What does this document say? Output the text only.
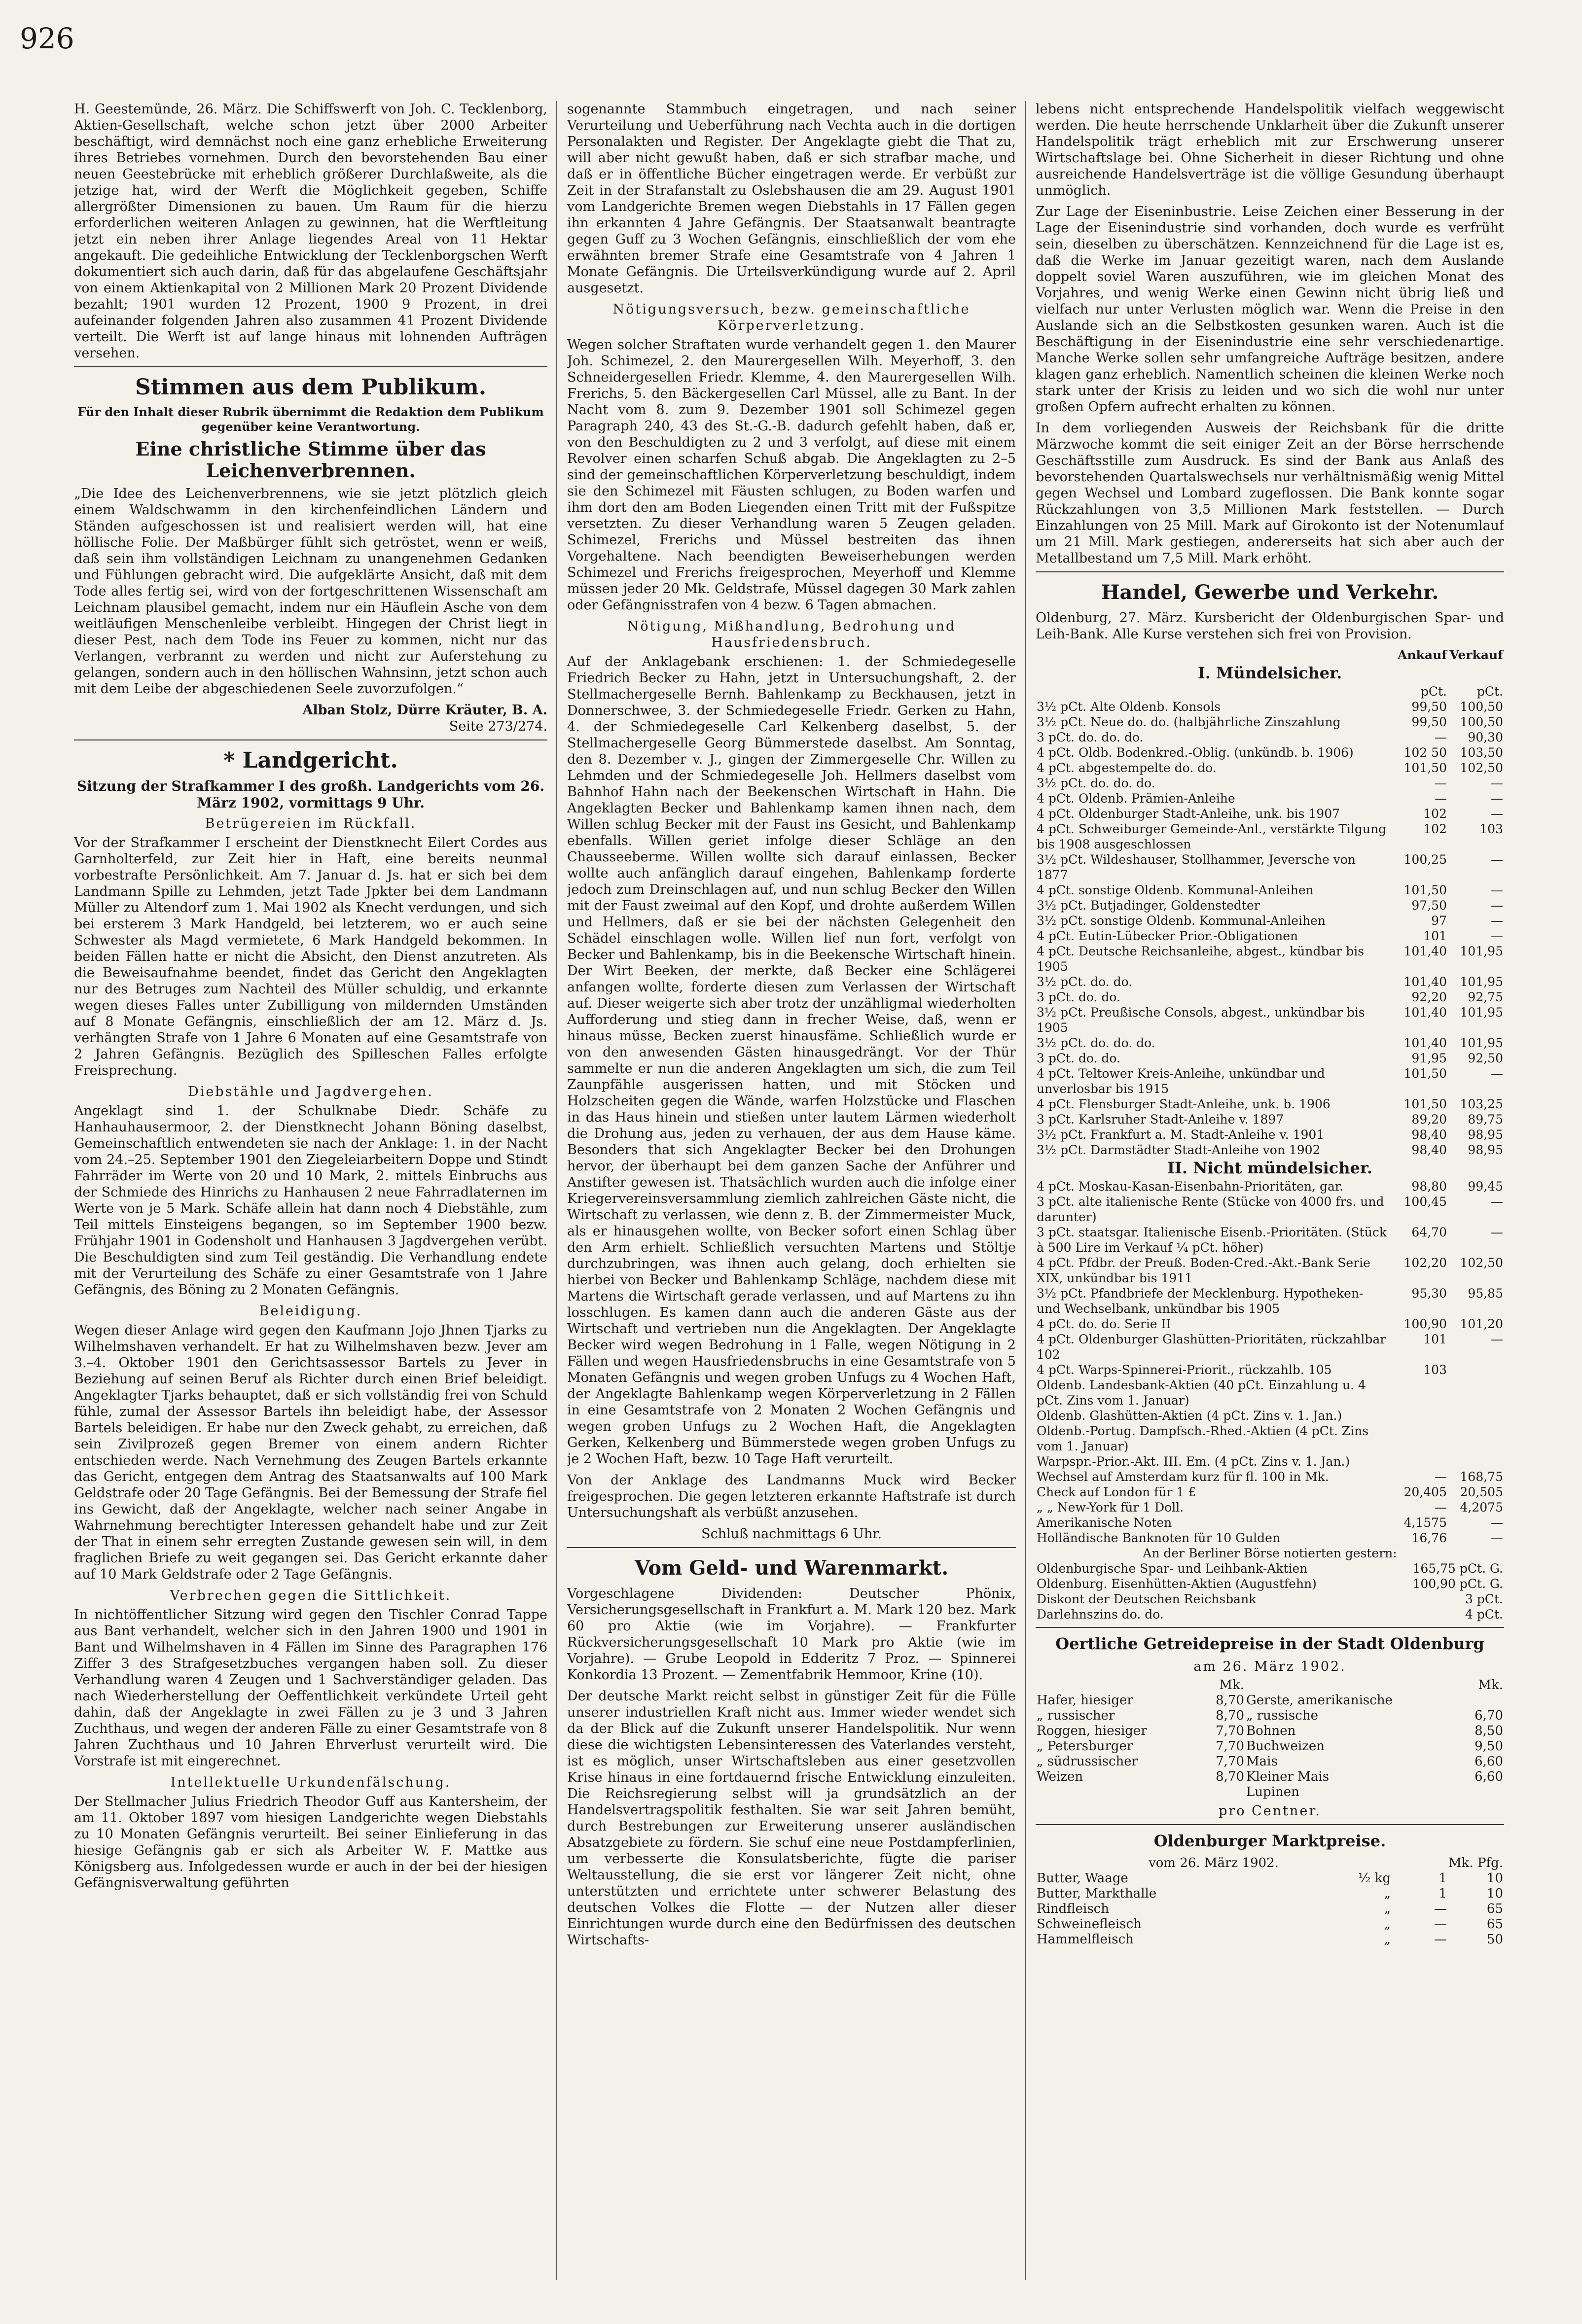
926

H. Geestemünde, 26. März. Die Schiffswerft von Joh. C. Tecklenborg, Aktien-Gesellschaft, welche schon jetzt über 2000 Arbeiter beschäftigt, wird demnächst noch eine ganz erhebliche Erweiterung ihres Betriebes vornehmen. Durch den bevorstehenden Bau einer neuen Geestebrücke mit erheblich größerer Durchlaßweite, als die jetzige hat, wird der Werft die Möglichkeit gegeben, Schiffe allergrößter Dimensionen zu bauen. Um Raum für die hierzu erforderlichen weiteren Anlagen zu gewinnen, hat die Werftleitung jetzt ein neben ihrer Anlage liegendes Areal von 11 Hektar angekauft. Die gedeihliche Entwicklung der Tecklenborgschen Werft dokumentiert sich auch darin, daß für das abgelaufene Geschäftsjahr von einem Aktienkapital von 2 Millionen Mark 20 Prozent Dividende bezahlt; 1901 wurden 12 Prozent, 1900 9 Prozent, in drei aufeinander folgenden Jahren also zusammen 41 Prozent Dividende verteilt. Die Werft ist auf lange hinaus mit lohnenden Aufträgen versehen.

Stimmen aus dem Publikum.
Für den Inhalt dieser Rubrik übernimmt die Redaktion dem Publikum gegenüber keine Verantwortung.
Eine christliche Stimme über das Leichenverbrennen.

„Die Idee des Leichenverbrennens, wie sie jetzt plötzlich gleich einem Waldschwamm in den kirchenfeindlichen Ländern und Ständen aufgeschossen ist und realisiert werden will, hat eine höllische Folie. Der Maßbürger fühlt sich getröstet, wenn er weiß, daß sein ihm vollständigen Leichnam zu unangenehmen Gedanken und Fühlungen gebracht wird. Die aufgeklärte Ansicht, daß mit dem Tode alles fertig sei, wird von der fortgeschrittenen Wissenschaft am Leichnam plausibel gemacht, indem nur ein Häuflein Asche von dem weitläufigen Menschenleibe verbleibt. Hingegen der Christ liegt in dieser Pest, nach dem Tode ins Feuer zu kommen, nicht nur das Verlangen, verbrannt zu werden und nicht zur Auferstehung zu gelangen, sondern auch in den höllischen Wahnsinn, jetzt schon auch mit dem Leibe der abgeschiedenen Seele zuvorzufolgen.“

Alban Stolz, Dürre Kräuter, B. A.

Seite 273/274.

* Landgericht.
Sitzung der Strafkammer I des großh. Landgerichts vom 26. März 1902, vormittags 9 Uhr.
Betrügereien im Rückfall.

Vor der Strafkammer I erscheint der Dienstknecht Eilert Cordes aus Garnholterfeld, zur Zeit hier in Haft, eine bereits neunmal vorbestrafte Persönlichkeit. Am 7. Januar d. Js. hat er sich bei dem Landmann Spille zu Lehmden, jetzt Tade Jpkter bei dem Landmann Müller zu Altendorf zum 1. Mai 1902 als Knecht verdungen, und sich bei ersterem 3 Mark Handgeld, bei letzterem, wo er auch seine Schwester als Magd vermietete, 6 Mark Handgeld bekommen. In beiden Fällen hatte er nicht die Absicht, den Dienst anzutreten. Als die Beweisaufnahme beendet, findet das Gericht den Angeklagten nur des Betruges zum Nachteil des Müller schuldig, und erkannte wegen dieses Falles unter Zubilligung von mildernden Umständen auf 8 Monate Gefängnis, einschließlich der am 12. März d. Js. verhängten Strafe von 1 Jahre 6 Monaten auf eine Gesamtstrafe von 2 Jahren Gefängnis. Bezüglich des Spilleschen Falles erfolgte Freisprechung.

Diebstähle und Jagdvergehen.

Angeklagt sind 1. der Schulknabe Diedr. Schäfe zu Hanhauhausermoor, 2. der Dienstknecht Johann Böning daselbst, Gemeinschaftlich entwendeten sie nach der Anklage: 1. in der Nacht vom 24.–25. September 1901 den Ziegeleiarbeitern Doppe und Stindt Fahrräder im Werte von 20 und 10 Mark, 2. mittels Einbruchs aus der Schmiede des Hinrichs zu Hanhausen 2 neue Fahrradlaternen im Werte von je 5 Mark. Schäfe allein hat dann noch 4 Diebstähle, zum Teil mittels Einsteigens begangen, so im September 1900 bezw. Frühjahr 1901 in Godensholt und Hanhausen 3 Jagdvergehen verübt. Die Beschuldigten sind zum Teil geständig. Die Verhandlung endete mit der Verurteilung des Schäfe zu einer Gesamtstrafe von 1 Jahre Gefängnis, des Böning zu 2 Monaten Gefängnis.

Beleidigung.

Wegen dieser Anlage wird gegen den Kaufmann Jojo Jhnen Tjarks zu Wilhelmshaven verhandelt. Er hat zu Wilhelmshaven bezw. Jever am 3.–4. Oktober 1901 den Gerichtsassessor Bartels zu Jever in Beziehung auf seinen Beruf als Richter durch einen Brief beleidigt. Angeklagter Tjarks behauptet, daß er sich vollständig frei von Schuld fühle, zumal der Assessor Bartels ihn beleidigt habe, der Assessor Bartels beleidigen. Er habe nur den Zweck gehabt, zu erreichen, daß sein Zivilprozeß gegen Bremer von einem andern Richter entschieden werde. Nach Vernehmung des Zeugen Bartels erkannte das Gericht, entgegen dem Antrag des Staatsanwalts auf 100 Mark Geldstrafe oder 20 Tage Gefängnis. Bei der Bemessung der Strafe fiel ins Gewicht, daß der Angeklagte, welcher nach seiner Angabe in Wahrnehmung berechtigter Interessen gehandelt habe und zur Zeit der That in einem sehr erregten Zustande gewesen sein will, in dem fraglichen Briefe zu weit gegangen sei. Das Gericht erkannte daher auf 10 Mark Geldstrafe oder 2 Tage Gefängnis.

Verbrechen gegen die Sittlichkeit.

In nichtöffentlicher Sitzung wird gegen den Tischler Conrad Tappe aus Bant verhandelt, welcher sich in den Jahren 1900 und 1901 in Bant und Wilhelmshaven in 4 Fällen im Sinne des Paragraphen 176 Ziffer 3 des Strafgesetzbuches vergangen haben soll. Zu dieser Verhandlung waren 4 Zeugen und 1 Sachverständiger geladen. Das nach Wiederherstellung der Oeffentlichkeit verkündete Urteil geht dahin, daß der Angeklagte in zwei Fällen zu je 3 und 3 Jahren Zuchthaus, und wegen der anderen Fälle zu einer Gesamtstrafe von 8 Jahren Zuchthaus und 10 Jahren Ehrverlust verurteilt wird. Die Vorstrafe ist mit eingerechnet.

Intellektuelle Urkundenfälschung.

Der Stellmacher Julius Friedrich Theodor Guff aus Kantersheim, der am 11. Oktober 1897 vom hiesigen Landgerichte wegen Diebstahls zu 10 Monaten Gefängnis verurteilt. Bei seiner Einlieferung in das hiesige Gefängnis gab er sich als Arbeiter W. F. Mattke aus Königsberg aus. Infolgedessen wurde er auch in der bei der hiesigen Gefängnisverwaltung geführten

sogenannte Stammbuch eingetragen, und nach seiner Verurteilung und Ueberführung nach Vechta auch in die dortigen Personalakten und Register. Der Angeklagte giebt die That zu, will aber nicht gewußt haben, daß er sich strafbar mache, und daß er in öffentliche Bücher eingetragen werde. Er verbüßt zur Zeit in der Strafanstalt zu Oslebshausen die am 29. August 1901 vom Landgerichte Bremen wegen Diebstahls in 17 Fällen gegen ihn erkannten 4 Jahre Gefängnis. Der Staatsanwalt beantragte gegen Guff zu 3 Wochen Gefängnis, einschließlich der vom ehe erwähnten bremer Strafe eine Gesamtstrafe von 4 Jahren 1 Monate Gefängnis. Die Urteilsverkündigung wurde auf 2. April ausgesetzt.

Nötigungsversuch, bezw. gemeinschaftliche Körperverletzung.

Wegen solcher Straftaten wurde verhandelt gegen 1. den Maurer Joh. Schimezel, 2. den Maurergesellen Wilh. Meyerhoff, 3. den Schneidergesellen Friedr. Klemme, 4. den Maurergesellen Wilh. Frerichs, 5. den Bäckergesellen Carl Müssel, alle zu Bant. In der Nacht vom 8. zum 9. Dezember 1901 soll Schimezel gegen Paragraph 240, 43 des St.-G.-B. dadurch gefehlt haben, daß er, von den Beschuldigten zu 2 und 3 verfolgt, auf diese mit einem Revolver einen scharfen Schuß abgab. Die Angeklagten zu 2–5 sind der gemeinschaftlichen Körperverletzung beschuldigt, indem sie den Schimezel mit Fäusten schlugen, zu Boden warfen und ihm dort den am Boden Liegenden einen Tritt mit der Fußspitze versetzten. Zu dieser Verhandlung waren 5 Zeugen geladen. Schimezel, Frerichs und Müssel bestreiten das ihnen Vorgehaltene. Nach beendigten Beweiserhebungen werden Schimezel und Frerichs freigesprochen, Meyerhoff und Klemme müssen jeder 20 Mk. Geldstrafe, Müssel dagegen 30 Mark zahlen oder Gefängnisstrafen von 4 bezw. 6 Tagen abmachen.

Nötigung, Mißhandlung, Bedrohung und Hausfriedensbruch.

Auf der Anklagebank erschienen: 1. der Schmiedegeselle Friedrich Becker zu Hahn, jetzt in Untersuchungshaft, 2. der Stellmachergeselle Bernh. Bahlenkamp zu Beckhausen, jetzt in Donnerschwee, 3. der Schmiedegeselle Friedr. Gerken zu Hahn, 4. der Schmiedegeselle Carl Kelkenberg daselbst, 5. der Stellmachergeselle Georg Bümmerstede daselbst. Am Sonntag, den 8. Dezember v. J., gingen der Zimmergeselle Chr. Willen zu Lehmden und der Schmiedegeselle Joh. Hellmers daselbst vom Bahnhof Hahn nach der Beekenschen Wirtschaft in Hahn. Die Angeklagten Becker und Bahlenkamp kamen ihnen nach, dem Willen schlug Becker mit der Faust ins Gesicht, und Bahlenkamp ebenfalls. Willen geriet infolge dieser Schläge an den Chausseeberme. Willen wollte sich darauf einlassen, Becker wollte auch anfänglich darauf eingehen, Bahlenkamp forderte jedoch zum Dreinschlagen auf, und nun schlug Becker den Willen mit der Faust zweimal auf den Kopf, und drohte außerdem Willen und Hellmers, daß er sie bei der nächsten Gelegenheit den Schädel einschlagen wolle. Willen lief nun fort, verfolgt von Becker und Bahlenkamp, bis in die Beekensche Wirtschaft hinein. Der Wirt Beeken, der merkte, daß Becker eine Schlägerei anfangen wollte, forderte diesen zum Verlassen der Wirtschaft auf. Dieser weigerte sich aber trotz der unzähligmal wiederholten Aufforderung und stieg dann in frecher Weise, daß, wenn er hinaus müsse, Becken zuerst hinausfäme. Schließlich wurde er von den anwesenden Gästen hinausgedrängt. Vor der Thür sammelte er nun die anderen Angeklagten um sich, die zum Teil Zaunpfähle ausgerissen hatten, und mit Stöcken und Holzscheiten gegen die Wände, warfen Holzstücke und Flaschen in das Haus hinein und stießen unter lautem Lärmen wiederholt die Drohung aus, jeden zu verhauen, der aus dem Hause käme. Besonders that sich Angeklagter Becker bei den Drohungen hervor, der überhaupt bei dem ganzen Sache der Anführer und Anstifter gewesen ist. Thatsächlich wurden auch die infolge einer Kriegervereinsversammlung ziemlich zahlreichen Gäste nicht, die Wirtschaft zu verlassen, wie denn z. B. der Zimmermeister Muck, als er hinausgehen wollte, von Becker sofort einen Schlag über den Arm erhielt. Schließlich versuchten Martens und Stöltje durchzubringen, was ihnen auch gelang, doch erhielten sie hierbei von Becker und Bahlenkamp Schläge, nachdem diese mit Martens die Wirtschaft gerade verlassen, und auf Martens zu ihn losschlugen. Es kamen dann auch die anderen Gäste aus der Wirtschaft und vertrieben nun die Angeklagten. Der Angeklagte Becker wird wegen Bedrohung in 1 Falle, wegen Nötigung in 2 Fällen und wegen Hausfriedensbruchs in eine Gesamtstrafe von 5 Monaten Gefängnis und wegen groben Unfugs zu 4 Wochen Haft, der Angeklagte Bahlenkamp wegen Körperverletzung in 2 Fällen in eine Gesamtstrafe von 2 Monaten 2 Wochen Gefängnis und wegen groben Unfugs zu 2 Wochen Haft, die Angeklagten Gerken, Kelkenberg und Bümmerstede wegen groben Unfugs zu je 2 Wochen Haft, bezw. 10 Tage Haft verurteilt.

Von der Anklage des Landmanns Muck wird Becker freigesprochen. Die gegen letzteren erkannte Haftstrafe ist durch Untersuchungshaft als verbüßt anzusehen.

Schluß nachmittags 6 Uhr.

Vom Geld- und Warenmarkt.

Vorgeschlagene Dividenden: Deutscher Phönix, Versicherungsgesellschaft in Frankfurt a. M. Mark 120 bez. Mark 60 pro Aktie (wie im Vorjahre). — Frankfurter Rückversicherungsgesellschaft 10 Mark pro Aktie (wie im Vorjahre). — Grube Leopold in Edderitz 7 Proz. — Spinnerei Konkordia 13 Prozent. — Zementfabrik Hemmoor, Krine (10).

Der deutsche Markt reicht selbst in günstiger Zeit für die Fülle unserer industriellen Kraft nicht aus. Immer wieder wendet sich da der Blick auf die Zukunft unserer Handelspolitik. Nur wenn diese die wichtigsten Lebensinteressen des Vaterlandes versteht, ist es möglich, unser Wirtschaftsleben aus einer gesetzvollen Krise hinaus in eine fortdauernd frische Entwicklung einzuleiten. Die Reichsregierung selbst will ja grundsätzlich an der Handelsvertragspolitik festhalten. Sie war seit Jahren bemüht, durch Bestrebungen zur Erweiterung unserer ausländischen Absatzgebiete zu fördern. Sie schuf eine neue Postdampferlinien, um verbesserte die Konsulatsberichte, fügte die pariser Weltausstellung, die sie erst vor längerer Zeit nicht, ohne unterstützten und errichtete unter schwerer Belastung des deutschen Volkes die Flotte — der Nutzen aller dieser Einrichtungen wurde durch eine den Bedürfnissen des deutschen Wirtschafts-

lebens nicht entsprechende Handelspolitik vielfach weggewischt werden. Die heute herrschende Unklarheit über die Zukunft unserer Handelspolitik trägt erheblich mit zur Erschwerung unserer Wirtschaftslage bei. Ohne Sicherheit in dieser Richtung und ohne ausreichende Handelsverträge ist die völlige Gesundung überhaupt unmöglich.

Zur Lage der Eiseninbustrie. Leise Zeichen einer Besserung in der Lage der Eisenindustrie sind vorhanden, doch wurde es verfrüht sein, dieselben zu überschätzen. Kennzeichnend für die Lage ist es, daß die Werke im Januar gezeitigt waren, nach dem Auslande doppelt soviel Waren auszuführen, wie im gleichen Monat des Vorjahres, und wenig Werke einen Gewinn nicht übrig ließ und vielfach nur unter Verlusten möglich war. Wenn die Preise in den Auslande sich an die Selbstkosten gesunken waren. Auch ist die Beschäftigung in der Eisenindustrie eine sehr verschiedenartige. Manche Werke sollen sehr umfangreiche Aufträge besitzen, andere klagen ganz erheblich. Namentlich scheinen die kleinen Werke noch stark unter der Krisis zu leiden und wo sich die wohl nur unter großen Opfern aufrecht erhalten zu können.

In dem vorliegenden Ausweis der Reichsbank für die dritte Märzwoche kommt die seit einiger Zeit an der Börse herrschende Geschäftsstille zum Ausdruck. Es sind der Bank aus Anlaß des bevorstehenden Quartalswechsels nur verhältnismäßig wenig Mittel gegen Wechsel und Lombard zugeflossen. Die Bank konnte sogar Rückzahlungen von 3,5 Millionen Mark feststellen. — Durch Einzahlungen von 25 Mill. Mark auf Girokonto ist der Notenumlauf um 21 Mill. Mark gestiegen, andererseits hat sich aber auch der Metallbestand um 7,5 Mill. Mark erhöht.

Handel, Gewerbe und Verkehr.

Oldenburg, 27. März. Kursbericht der Oldenburgischen Spar- und Leih-Bank. Alle Kurse verstehen sich frei von Provision.

	Ankauf	Verkauf
I. Mündelsicher.		
	pCt.	pCt.
3½ pCt. Alte Oldenb. Konsols	99,50	100,50
3½ pCt. Neue do. do. (halbjährliche Zinszahlung	99,50	100,50
3 pCt. do. do. do.	—	90,30
4 pCt. Oldb. Bodenkred.-Oblig. (unkündb. b. 1906)	102 50	103,50
4 pCt. abgestempelte do. do.	101,50	102,50
3½ pCt. do. do. do.	—	—
4 pCt. Oldenb. Prämien-Anleihe	—	—
4 pCt. Oldenburger Stadt-Anleihe, unk. bis 1907	102	—
4 pCt. Schweiburger Gemeinde-Anl., verstärkte Tilgung bis 1908 ausgeschlossen	102	103
3½ pCt. Wildeshauser, Stollhammer, Jeversche von 1877	100,25	—
4 pCt. sonstige Oldenb. Kommunal-Anleihen	101,50	—
3½ pCt. Butjadinger, Goldenstedter	97,50	—
3½ pCt. sonstige Oldenb. Kommunal-Anleihen	97	—
4 pCt. Eutin-Lübecker Prior.-Obligationen	101	—
4 pCt. Deutsche Reichsanleihe, abgest., kündbar bis 1905	101,40	101,95
3½ pCt. do. do.	101,40	101,95
3 pCt. do. do.	92,20	92,75
3½ pCt. Preußische Consols, abgest., unkündbar bis 1905	101,40	101,95
3½ pCt. do. do. do.	101,40	101,95
3 pCt. do. do.	91,95	92,50
4 pCt. Teltower Kreis-Anleihe, unkündbar und unverlosbar bis 1915	101,50	—
4 pCt. Flensburger Stadt-Anleihe, unk. b. 1906	101,50	103,25
3 pCt. Karlsruher Stadt-Anleihe v. 1897	89,20	89,75
3½ pCt. Frankfurt a. M. Stadt-Anleihe v. 1901	98,40	98,95
3½ pCt. Darmstädter Stadt-Anleihe von 1902	98,40	98,95
II. Nicht mündelsicher.		
4 pCt. Moskau-Kasan-Eisenbahn-Prioritäten, gar.	98,80	99,45
3 pCt. alte italienische Rente (Stücke von 4000 frs. und darunter)	100,45	—
3 pCt. staatsgar. Italienische Eisenb.-Prioritäten. (Stück à 500 Lire im Verkauf ¼ pCt. höher)	64,70	—
4 pCt. Pfdbr. der Preuß. Boden-Cred.-Akt.-Bank Serie XIX, unkündbar bis 1911	102,20	102,50
3½ pCt. Pfandbriefe der Mecklenburg. Hypotheken- und Wechselbank, unkündbar bis 1905	95,30	95,85
4 pCt. do. do. Serie II	100,90	101,20
4 pCt. Oldenburger Glashütten-Prioritäten, rückzahlbar 102	101	—
4 pCt. Warps-Spinnerei-Priorit., rückzahlb. 105	103	
Oldenb. Landesbank-Aktien (40 pCt. Einzahlung u. 4 pCt. Zins vom 1. Januar)		
Oldenb. Glashütten-Aktien (4 pCt. Zins v. 1. Jan.)		
Oldenb.-Portug. Dampfsch.-Rhed.-Aktien (4 pCt. Zins vom 1. Januar)		
Warpspr.-Prior.-Akt. III. Em. (4 pCt. Zins v. 1. Jan.)		
Wechsel auf Amsterdam kurz für fl. 100 in Mk.	—	168,75
Check auf London für 1 £	20,405	20,505
„ „ New-York für 1 Doll.	—	4,2075
Amerikanische Noten	4,1575	—
Holländische Banknoten für 10 Gulden	16,76	—
An der Berliner Börse notierten gestern:		
Oldenburgische Spar- und Leihbank-Aktien	165,75 pCt. G.	
Oldenburg. Eisenhütten-Aktien (Augustfehn)	100,90 pCt. G.	
Diskont der Deutschen Reichsbank	3 pCt.	
Darlehnszins do. do.	4 pCt.	
Oertliche Getreidepreise in der Stadt Oldenburg
am 26. März 1902.
	Mk.		Mk.
Hafer, hiesiger	8,70	Gerste, amerikanische	
„ russischer	8,70	„ russische	6,70
Roggen, hiesiger	7,70	Bohnen	8,50
„ Petersburger	7,70	Buchweizen	9,50
„ südrussischer	7,70	Mais	6,60
Weizen	8,70	Kleiner Mais	6,60
		Lupinen	
pro Centner.
Oldenburger Marktpreise.
vom 26. März 1902.		Mk. Pfg.	
Butter, Waage	½ kg	1	10
Butter, Markthalle	„	1	10
Rindfleisch	„	—	65
Schweinefleisch	„	—	65
Hammelfleisch	„	—	50
